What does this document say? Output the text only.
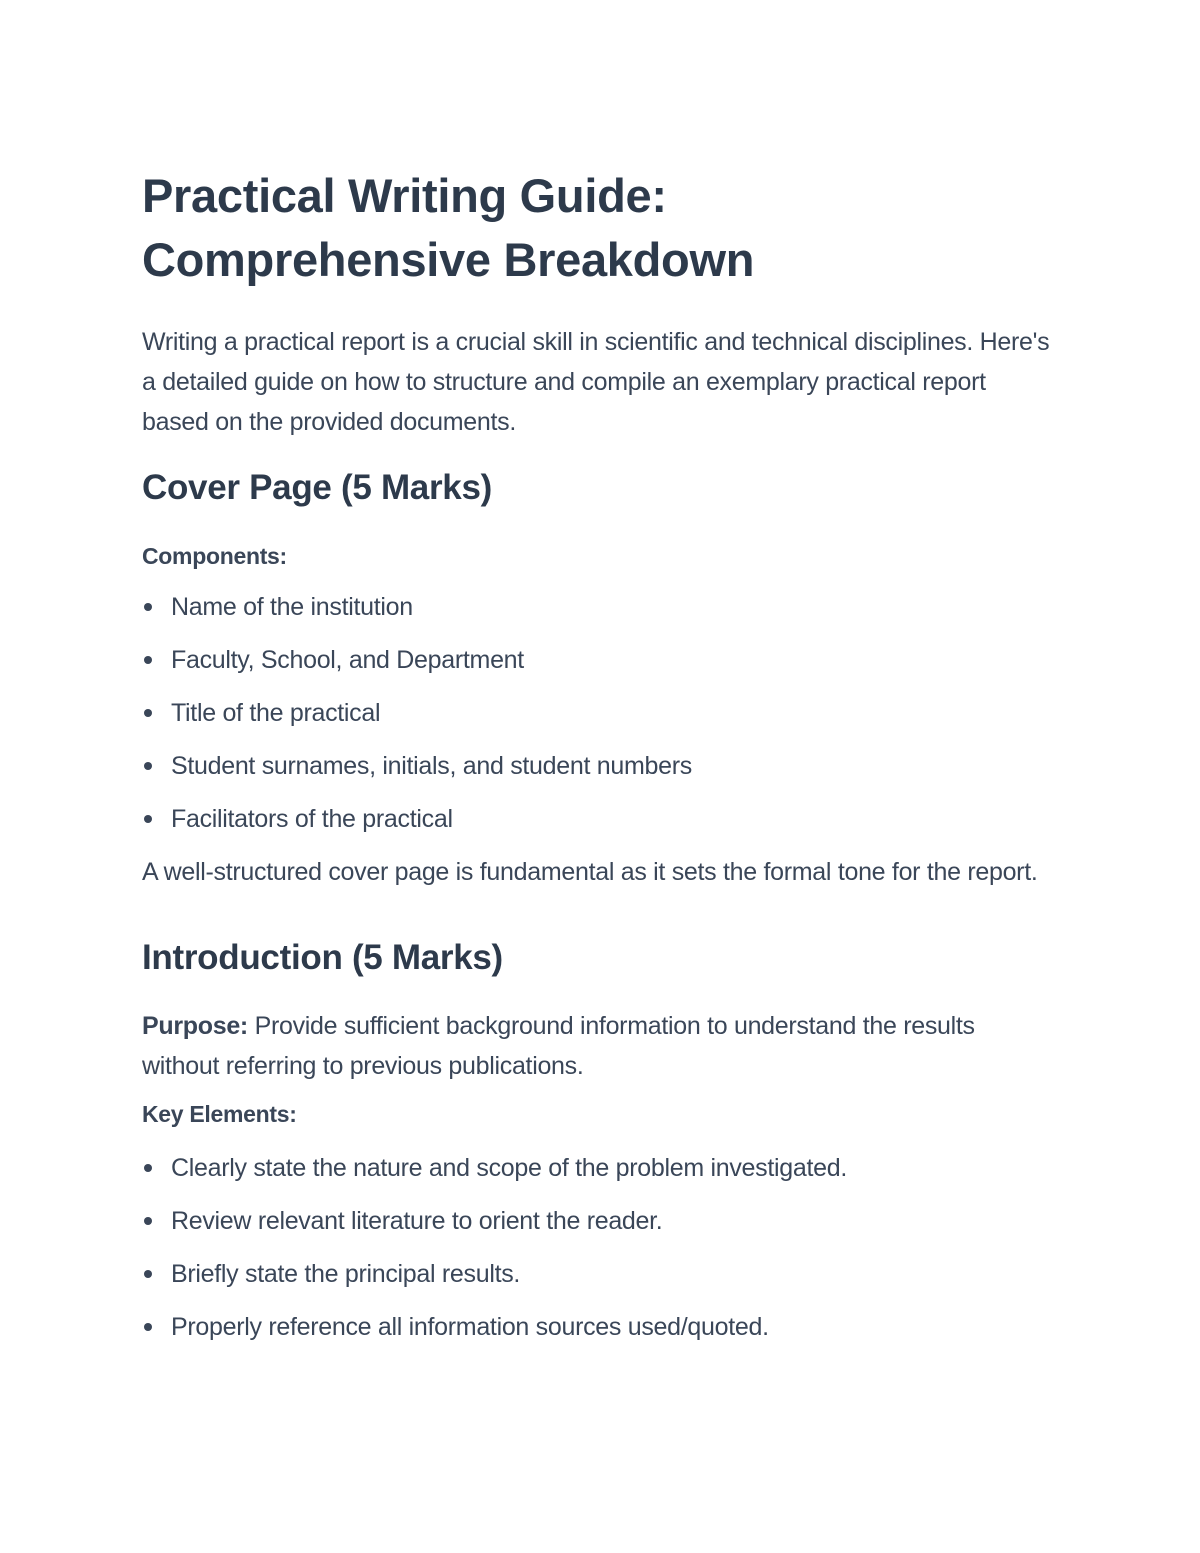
Practical Writing Guide:
Comprehensive Breakdown

Writing a practical report is a crucial skill in scientific and technical disciplines. Here's a detailed guide on how to structure and compile an exemplary practical report based on the provided documents.

Cover Page (5 Marks)
Components:
Name of the institution
Faculty, School, and Department
Title of the practical
Student surnames, initials, and student numbers
Facilitators of the practical

A well-structured cover page is fundamental as it sets the formal tone for the report.

Introduction (5 Marks)

Purpose: Provide sufficient background information to understand the results without referring to previous publications.

Key Elements:
Clearly state the nature and scope of the problem investigated.
Review relevant literature to orient the reader.
Briefly state the principal results.
Properly reference all information sources used/quoted.
